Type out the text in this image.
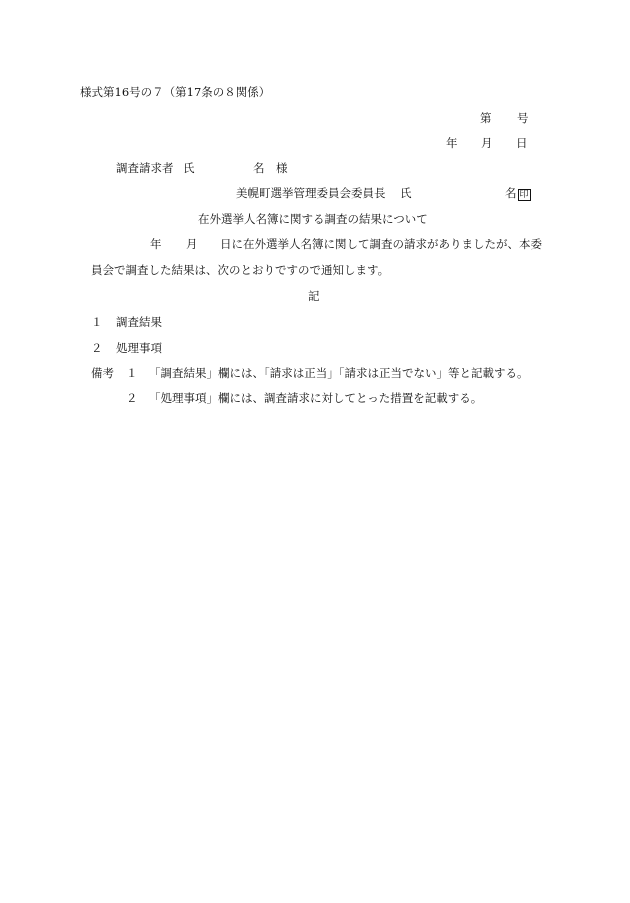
様式第16号の７（第17条の８関係）
第 号
年 月 日
調査請求者 氏	名 様
美幌町選挙管理委員会委員長 氏	名 印
在外選挙人名簿に関する調査の結果について
年 月 日に在外選挙人名簿に関して調査の請求がありましたが、本委
員会で調査した結果は、次のとおりですので通知します。
記
１ 調査結果
２ 処理事項
備考 １ 「調査結果」欄には、「請求は正当」「請求は正当でない」等と記載する。
２ 「処理事項」欄には、調査請求に対してとった措置を記載する。
